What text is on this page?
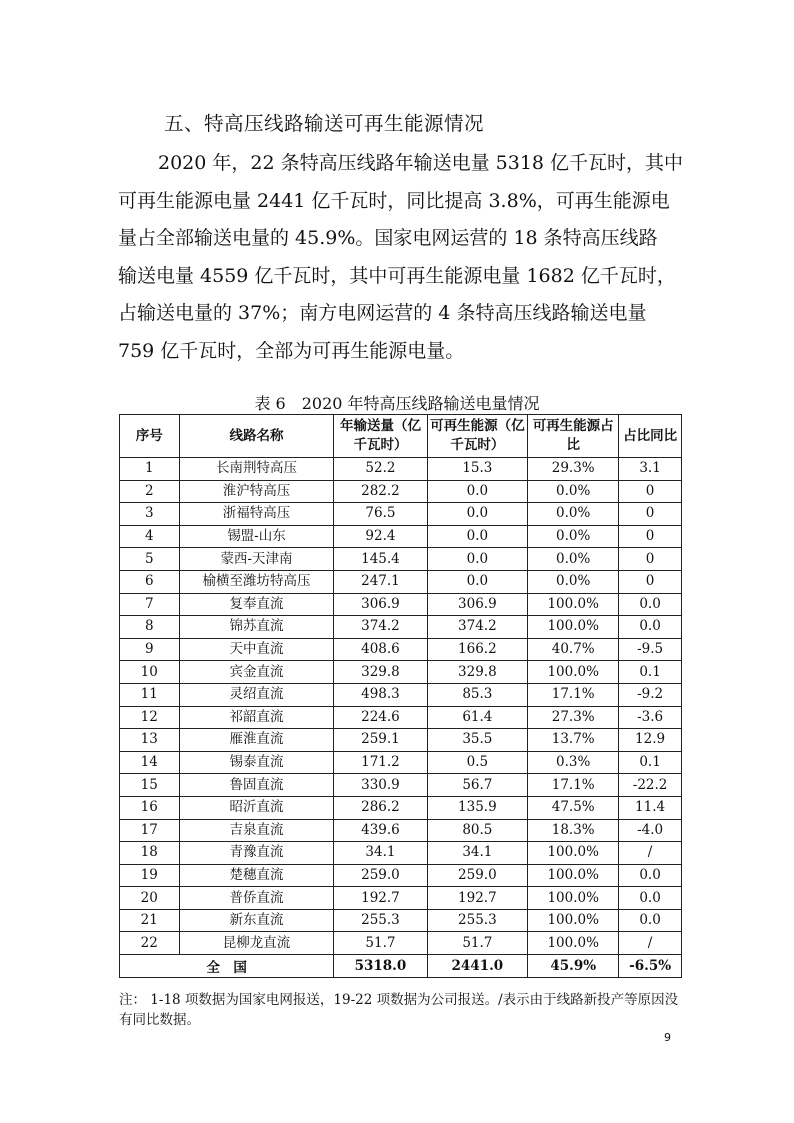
五、特高压线路输送可再生能源情况

2020 年，22 条特高压线路年输送电量 5318 亿千瓦时，其中
可再生能源电量 2441 亿千瓦时，同比提高 3.8%，可再生能源电
量占全部输送电量的 45.9%。国家电网运营的 18 条特高压线路
输送电量 4559 亿千瓦时，其中可再生能源电量 1682 亿千瓦时，
占输送电量的 37%；南方电网运营的 4 条特高压线路输送电量
759 亿千瓦时，全部为可再生能源电量。

表 6　2020 年特高压线路输送电量情况
序号	线路名称	年输送量（亿千瓦时）	可再生能源（亿千瓦时）	可再生能源占比	占比同比
1	长南荆特高压	52.2	15.3	29.3%	3.1
2	淮沪特高压	282.2	0.0	0.0%	0
3	浙福特高压	76.5	0.0	0.0%	0
4	锡盟-山东	92.4	0.0	0.0%	0
5	蒙西-天津南	145.4	0.0	0.0%	0
6	榆横至潍坊特高压	247.1	0.0	0.0%	0
7	复奉直流	306.9	306.9	100.0%	0.0
8	锦苏直流	374.2	374.2	100.0%	0.0
9	天中直流	408.6	166.2	40.7%	-9.5
10	宾金直流	329.8	329.8	100.0%	0.1
11	灵绍直流	498.3	85.3	17.1%	-9.2
12	祁韶直流	224.6	61.4	27.3%	-3.6
13	雁淮直流	259.1	35.5	13.7%	12.9
14	锡泰直流	171.2	0.5	0.3%	0.1
15	鲁固直流	330.9	56.7	17.1%	-22.2
16	昭沂直流	286.2	135.9	47.5%	11.4
17	吉泉直流	439.6	80.5	18.3%	-4.0
18	青豫直流	34.1	34.1	100.0%	/
19	楚穗直流	259.0	259.0	100.0%	0.0
20	普侨直流	192.7	192.7	100.0%	0.0
21	新东直流	255.3	255.3	100.0%	0.0
22	昆柳龙直流	51.7	51.7	100.0%	/
全　国		5318.0	2441.0	45.9%	-6.5%

注： 1-18 项数据为国家电网报送，19-22 项数据为公司报送。/表示由于线路新投产等原因没有同比数据。

9
